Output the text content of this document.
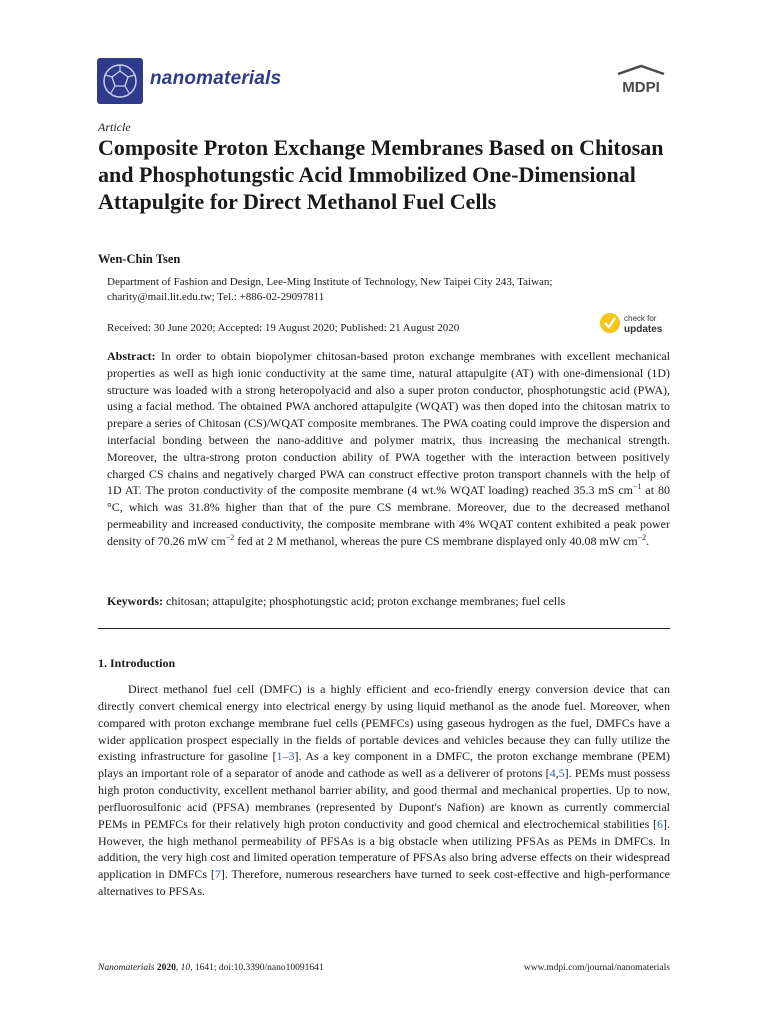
nanomaterials	MDPI
Article
Composite Proton Exchange Membranes Based on Chitosan and Phosphotungstic Acid Immobilized One-Dimensional Attapulgite for Direct Methanol Fuel Cells
Wen-Chin Tsen
Department of Fashion and Design, Lee-Ming Institute of Technology, New Taipei City 243, Taiwan;
charity@mail.lit.edu.tw; Tel.: +886-02-29097811
Received: 30 June 2020; Accepted: 19 August 2020; Published: 21 August 2020
check for
updates
Abstract: In order to obtain biopolymer chitosan-based proton exchange membranes with excellent mechanical properties as well as high ionic conductivity at the same time, natural attapulgite (AT) with one-dimensional (1D) structure was loaded with a strong heteropolyacid and also a super proton conductor, phosphotungstic acid (PWA), using a facial method. The obtained PWA anchored attapulgite (WQAT) was then doped into the chitosan matrix to prepare a series of Chitosan (CS)/WQAT composite membranes. The PWA coating could improve the dispersion and interfacial bonding between the nano-additive and polymer matrix, thus increasing the mechanical strength. Moreover, the ultra-strong proton conduction ability of PWA together with the interaction between positively charged CS chains and negatively charged PWA can construct effective proton transport channels with the help of 1D AT. The proton conductivity of the composite membrane (4 wt.% WQAT loading) reached 35.3 mS $cm^{-1}$ at 80 °C, which was 31.8% higher than that of the pure CS membrane. Moreover, due to the decreased methanol permeability and increased conductivity, the composite membrane with 4% WQAT content exhibited a peak power density of 70.26 mW $cm^{-2}$ fed at 2 M methanol, whereas the pure CS membrane displayed only 40.08 mW $cm^{-2}$.
Keywords: chitosan; attapulgite; phosphotungstic acid; proton exchange membranes; fuel cells
1. Introduction
Direct methanol fuel cell (DMFC) is a highly efficient and eco-friendly energy conversion device that can directly convert chemical energy into electrical energy by using liquid methanol as the anode fuel. Moreover, when compared with proton exchange membrane fuel cells (PEMFCs) using gaseous hydrogen as the fuel, DMFCs have a wider application prospect especially in the fields of portable devices and vehicles because they can fully utilize the existing infrastructure for gasoline [1–3]. As a key component in a DMFC, the proton exchange membrane (PEM) plays an important role of a separator of anode and cathode as well as a deliverer of protons [4,5]. PEMs must possess high proton conductivity, excellent methanol barrier ability, and good thermal and mechanical properties. Up to now, perfluorosulfonic acid (PFSA) membranes (represented by Dupont's Nafion) are known as currently commercial PEMs in PEMFCs for their relatively high proton conductivity and good chemical and electrochemical stabilities [6]. However, the high methanol permeability of PFSAs is a big obstacle when utilizing PFSAs as PEMs in DMFCs. In addition, the very high cost and limited operation temperature of PFSAs also bring adverse effects on their widespread application in DMFCs [7]. Therefore, numerous researchers have turned to seek cost-effective and high-performance alternatives to PFSAs.
Nanomaterials 2020, 10, 1641; doi:10.3390/nano10091641	www.mdpi.com/journal/nanomaterials
